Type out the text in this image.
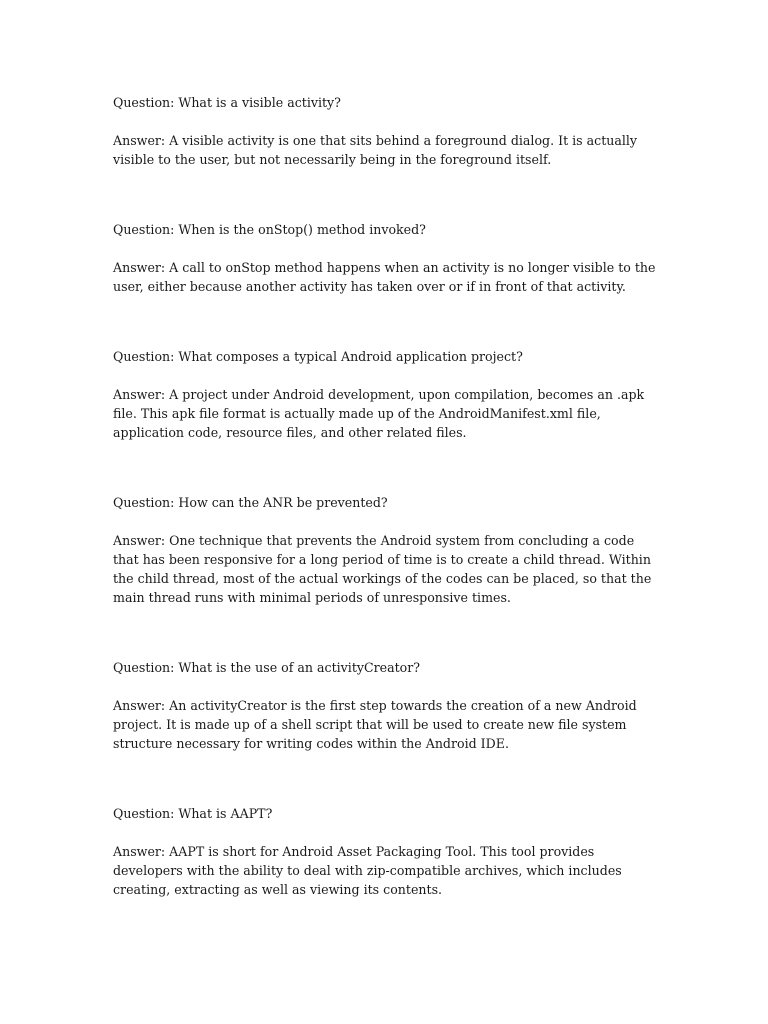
Question: What is a visible activity?

Answer: A visible activity is one that sits behind a foreground dialog. It is actually visible to the user, but not necessarily being in the foreground itself.

Question: When is the onStop() method invoked?

Answer: A call to onStop method happens when an activity is no longer visible to the user, either because another activity has taken over or if in front of that activity.

Question: What composes a typical Android application project?

Answer: A project under Android development, upon compilation, becomes an .apk file. This apk file format is actually made up of the AndroidManifest.xml file, application code, resource files, and other related files.

Question: How can the ANR be prevented?

Answer: One technique that prevents the Android system from concluding a code that has been responsive for a long period of time is to create a child thread. Within the child thread, most of the actual workings of the codes can be placed, so that the main thread runs with minimal periods of unresponsive times.

Question: What is the use of an activityCreator?

Answer: An activityCreator is the first step towards the creation of a new Android project. It is made up of a shell script that will be used to create new file system structure necessary for writing codes within the Android IDE.

Question: What is AAPT?

Answer: AAPT is short for Android Asset Packaging Tool. This tool provides developers with the ability to deal with zip-compatible archives, which includes creating, extracting as well as viewing its contents.
